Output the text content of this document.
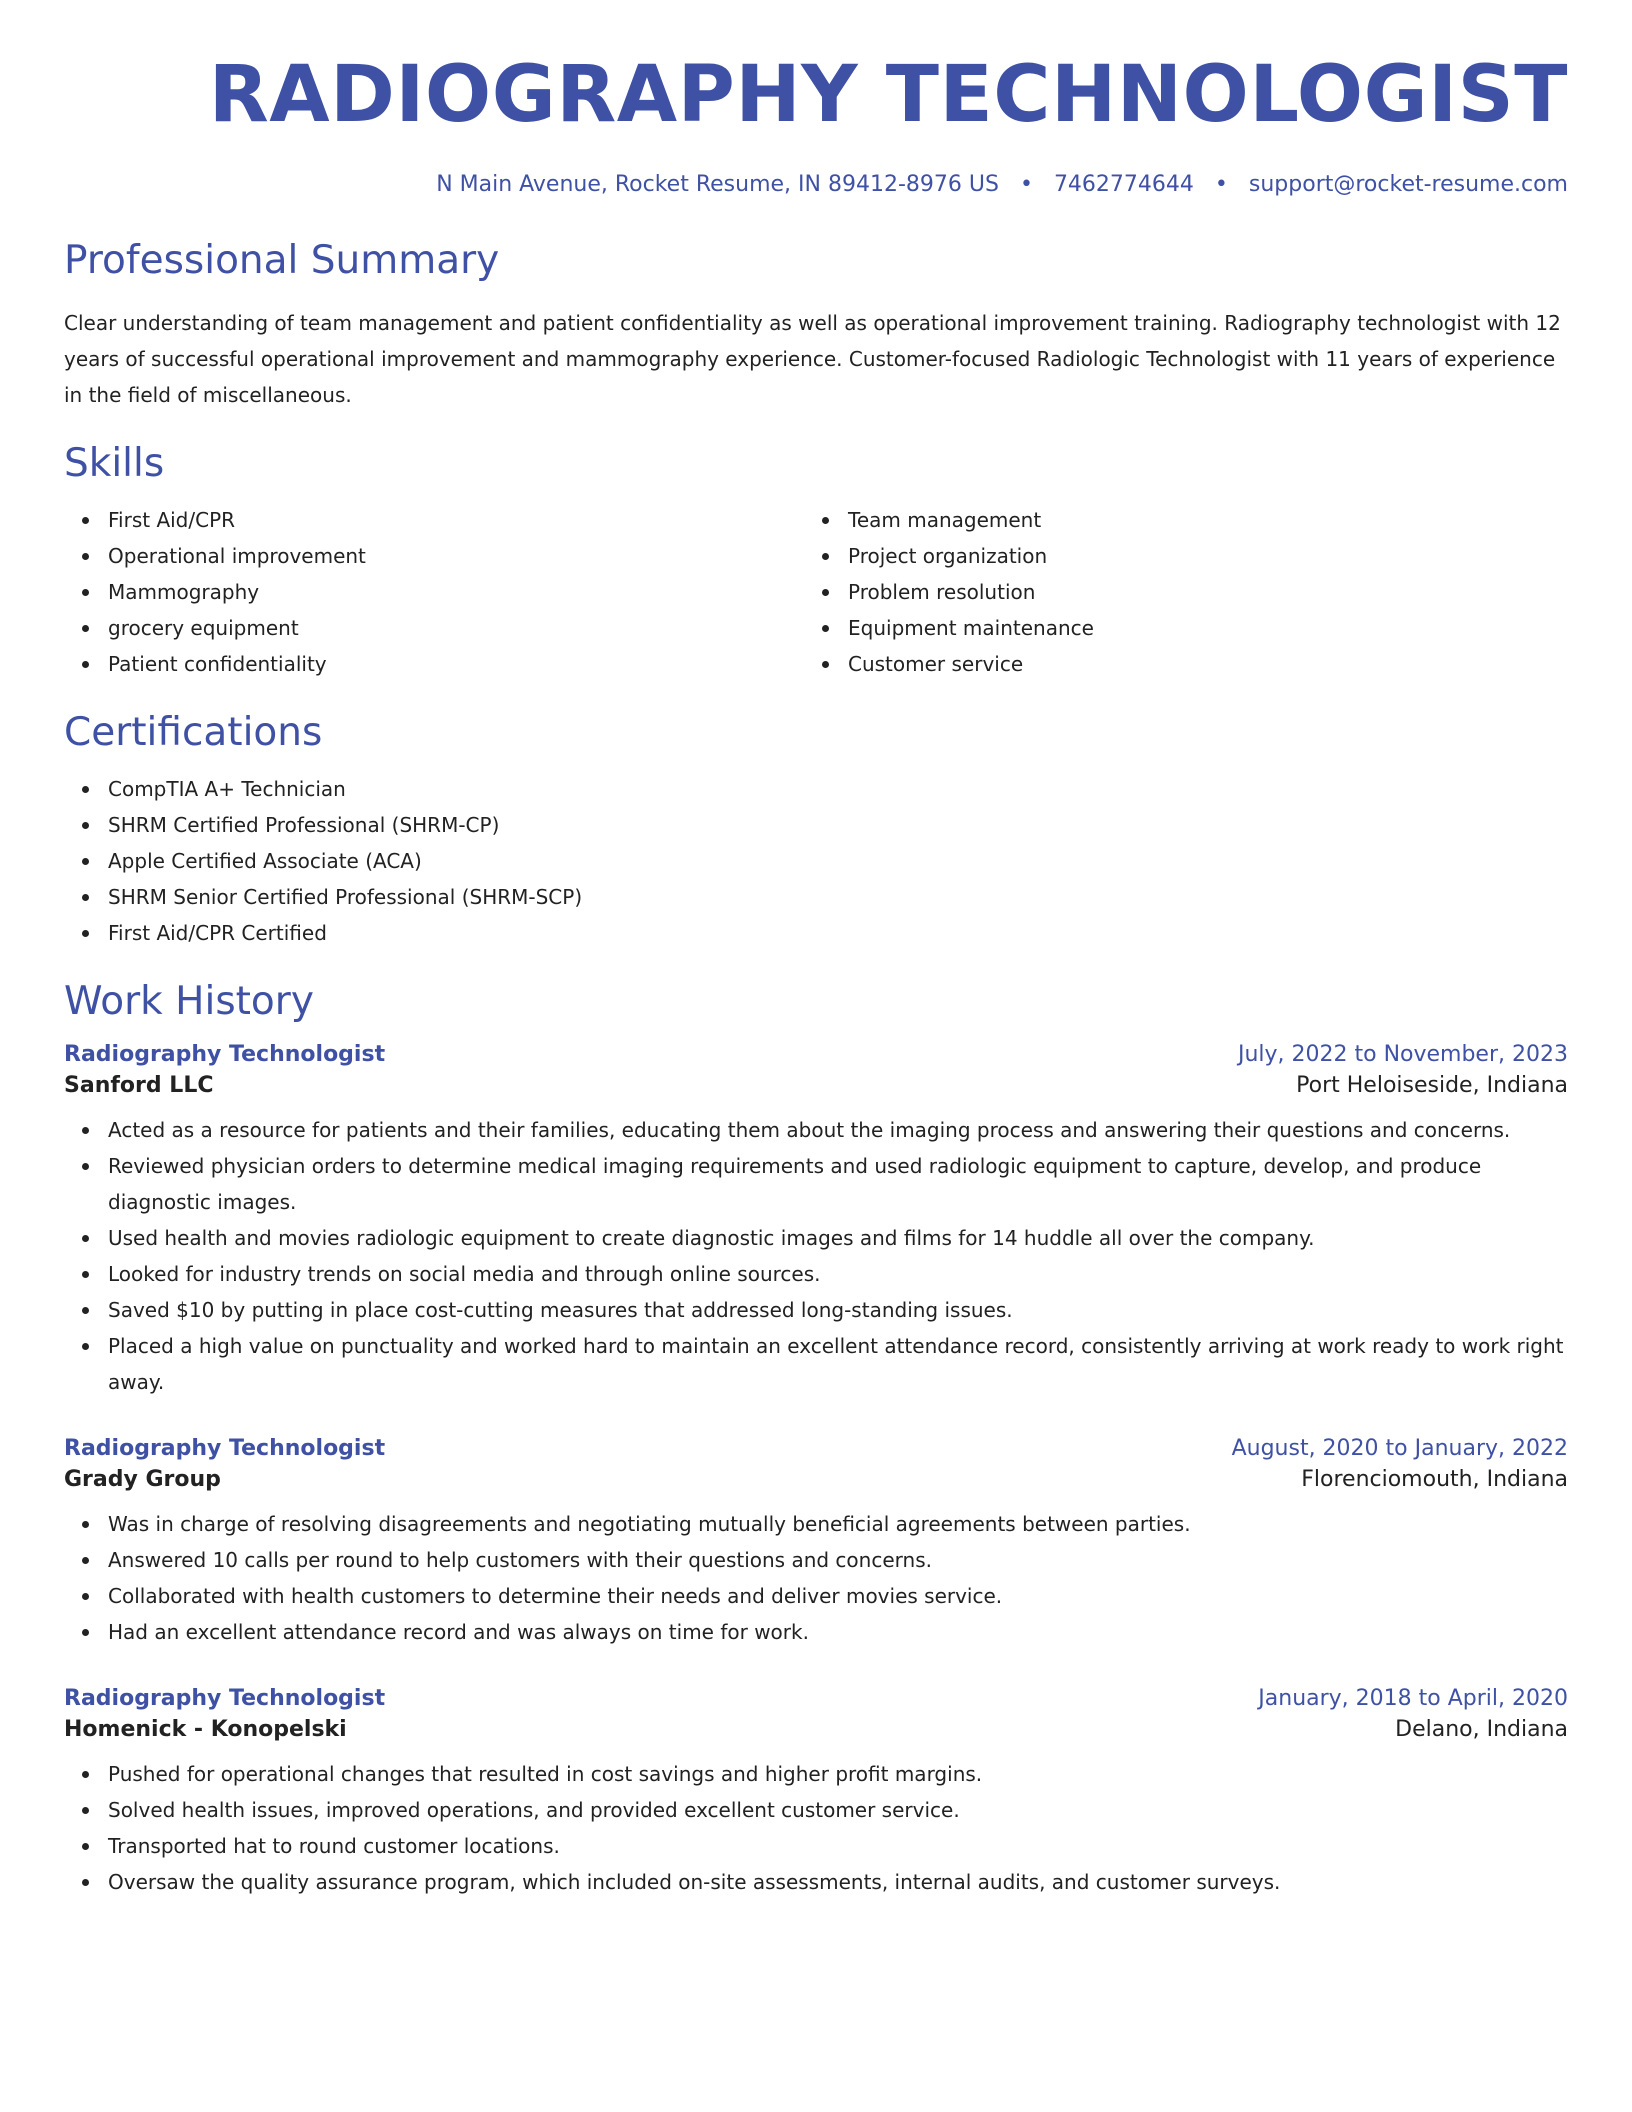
RADIOGRAPHY TECHNOLOGIST
N Main Avenue, Rocket Resume, IN 89412-8976 US • 7462774644 • support@rocket-resume.com
Professional Summary
Clear understanding of team management and patient confidentiality as well as operational improvement training. Radiography technologist with 12 years of successful operational improvement and mammography experience. Customer-focused Radiologic Technologist with 11 years of experience in the field of miscellaneous.
Skills
First Aid/CPR
Operational improvement
Mammography
grocery equipment
Patient confidentiality
Team management
Project organization
Problem resolution
Equipment maintenance
Customer service
Certifications
CompTIA A+ Technician
SHRM Certified Professional (SHRM-CP)
Apple Certified Associate (ACA)
SHRM Senior Certified Professional (SHRM-SCP)
First Aid/CPR Certified
Work History
Radiography Technologist	July, 2022 to November, 2023
Sanford LLC	Port Heloiseside, Indiana
Acted as a resource for patients and their families, educating them about the imaging process and answering their questions and concerns.
Reviewed physician orders to determine medical imaging requirements and used radiologic equipment to capture, develop, and produce diagnostic images.
Used health and movies radiologic equipment to create diagnostic images and films for 14 huddle all over the company.
Looked for industry trends on social media and through online sources.
Saved $10 by putting in place cost-cutting measures that addressed long-standing issues.
Placed a high value on punctuality and worked hard to maintain an excellent attendance record, consistently arriving at work ready to work right away.
Radiography Technologist	August, 2020 to January, 2022
Grady Group	Florenciomouth, Indiana
Was in charge of resolving disagreements and negotiating mutually beneficial agreements between parties.
Answered 10 calls per round to help customers with their questions and concerns.
Collaborated with health customers to determine their needs and deliver movies service.
Had an excellent attendance record and was always on time for work.
Radiography Technologist	January, 2018 to April, 2020
Homenick - Konopelski	Delano, Indiana
Pushed for operational changes that resulted in cost savings and higher profit margins.
Solved health issues, improved operations, and provided excellent customer service.
Transported hat to round customer locations.
Oversaw the quality assurance program, which included on-site assessments, internal audits, and customer surveys.
